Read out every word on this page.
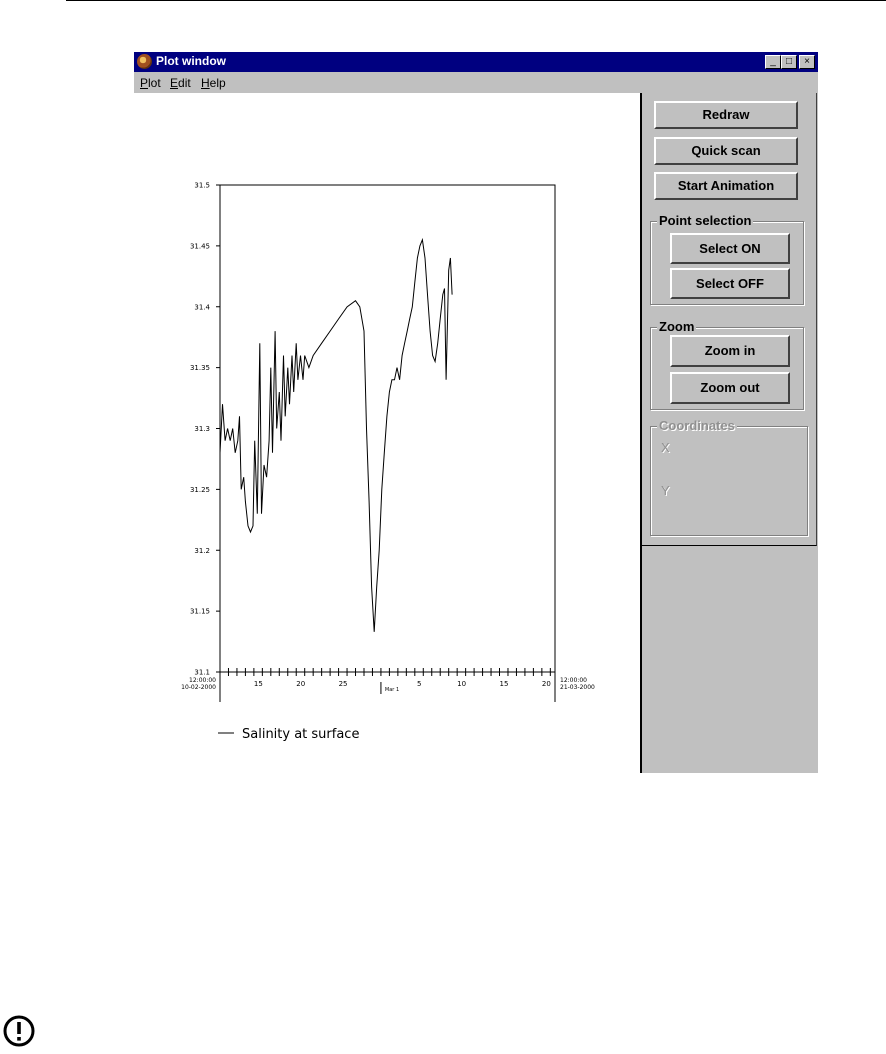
Plot window	_	□	×
Plot Edit Help
31.5
31.45
31.4
31.35
31.3
31.25
31.2
31.15
31.1
15	20	25	5	10	15	20
12:00:00
10-02-2000
12:00:00
21-03-2000
Mar 1
Salinity at surface
Redraw
Quick scan
Start Animation
Point selection
Select ON
Select OFF
Zoom
Zoom in
Zoom out
Coordinates
X
Y
